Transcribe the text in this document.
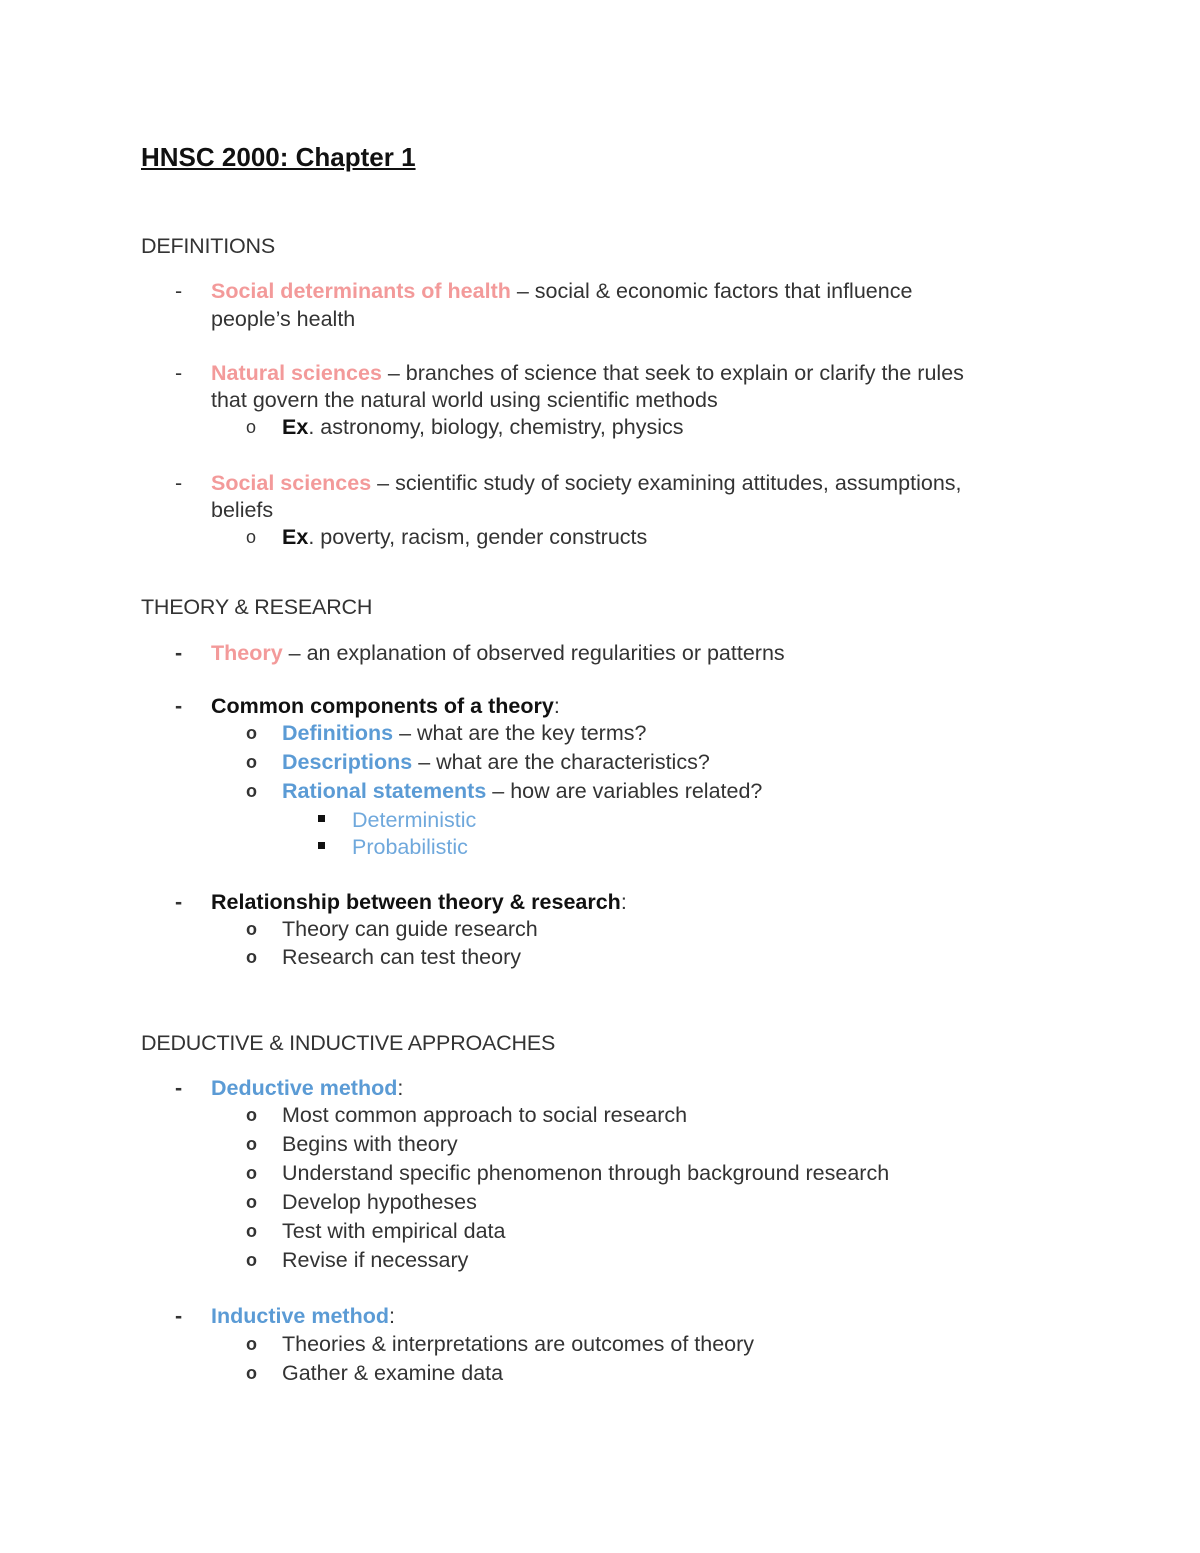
HNSC 2000: Chapter 1
DEFINITIONS
- Social determinants of health – social & economic factors that influence
people’s health
- Natural sciences – branches of science that seek to explain or clarify the rules
that govern the natural world using scientific methods
o Ex. astronomy, biology, chemistry, physics
- Social sciences – scientific study of society examining attitudes, assumptions,
beliefs
o Ex. poverty, racism, gender constructs
THEORY & RESEARCH
- Theory – an explanation of observed regularities or patterns
- Common components of a theory:
o Definitions – what are the key terms?
o Descriptions – what are the characteristics?
o Rational statements – how are variables related?
Deterministic
Probabilistic
- Relationship between theory & research:
o Theory can guide research
o Research can test theory
DEDUCTIVE & INDUCTIVE APPROACHES
- Deductive method:
o Most common approach to social research
o Begins with theory
o Understand specific phenomenon through background research
o Develop hypotheses
o Test with empirical data
o Revise if necessary
- Inductive method:
o Theories & interpretations are outcomes of theory
o Gather & examine data
